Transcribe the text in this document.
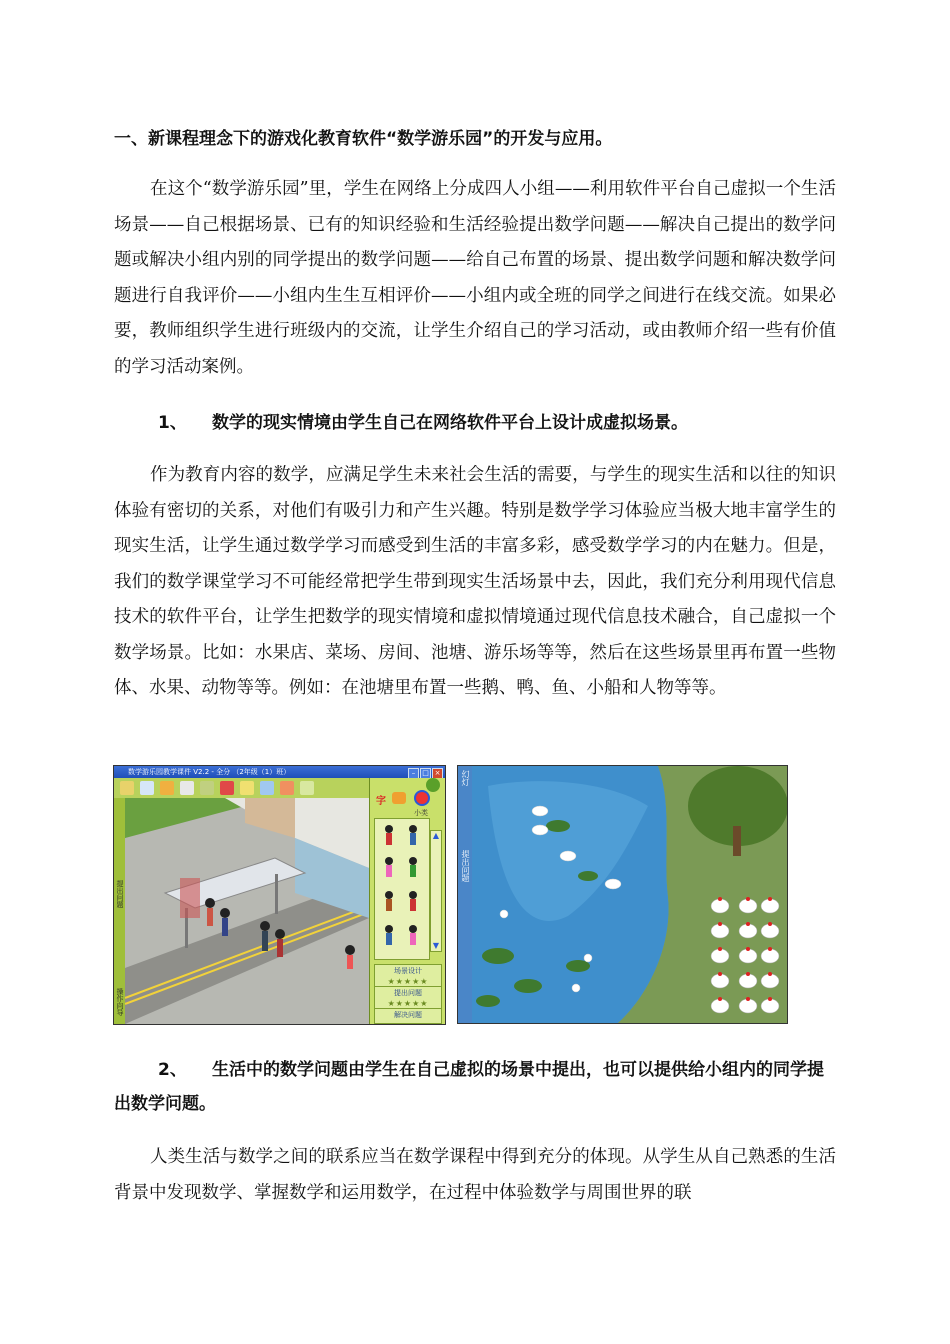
一、新课程理念下的游戏化教育软件“数学游乐园”的开发与应用。
在这个“数学游乐园”里，学生在网络上分成四人小组——利用软件平台自己虚拟一个生活场景——自己根据场景、已有的知识经验和生活经验提出数学问题——解决自己提出的数学问题或解决小组内别的同学提出的数学问题——给自己布置的场景、提出数学问题和解决数学问题进行自我评价——小组内生生互相评价——小组内或全班的同学之间进行在线交流。如果必要，教师组织学生进行班级内的交流，让学生介绍自己的学习活动，或由教师介绍一些有价值的学习活动案例。
1、 数学的现实情境由学生自己在网络软件平台上设计成虚拟场景。
作为教育内容的数学，应满足学生未来社会生活的需要，与学生的现实生活和以往的知识体验有密切的关系，对他们有吸引力和产生兴趣。特别是数学学习体验应当极大地丰富学生的现实生活，让学生通过数学学习而感受到生活的丰富多彩，感受数学学习的内在魅力。但是，我们的数学课堂学习不可能经常把学生带到现实生活场景中去，因此，我们充分利用现代信息技术的软件平台，让学生把数学的现实情境和虚拟情境通过现代信息技术融合，自己虚拟一个数学场景。比如：水果店、菜场、房间、池塘、游乐场等等，然后在这些场景里再布置一些物体、水果、动物等等。例如：在池塘里布置一些鹅、鸭、鱼、小船和人物等等。
数学游乐园教学课件 V2.2 - 全分 （2年级（1）班）	– □ ×
提出问题
操作向导
字
小类
▲
▼
场景设计
★★★★★
提出问题
★★★★★
解决问题
幻灯
提出问题
2、 生活中的数学问题由学生在自己虚拟的场景中提出，也可以提供给小组内的同学提出数学问题。
人类生活与数学之间的联系应当在数学课程中得到充分的体现。从学生从自己熟悉的生活背景中发现数学、掌握数学和运用数学，在过程中体验数学与周围世界的联
